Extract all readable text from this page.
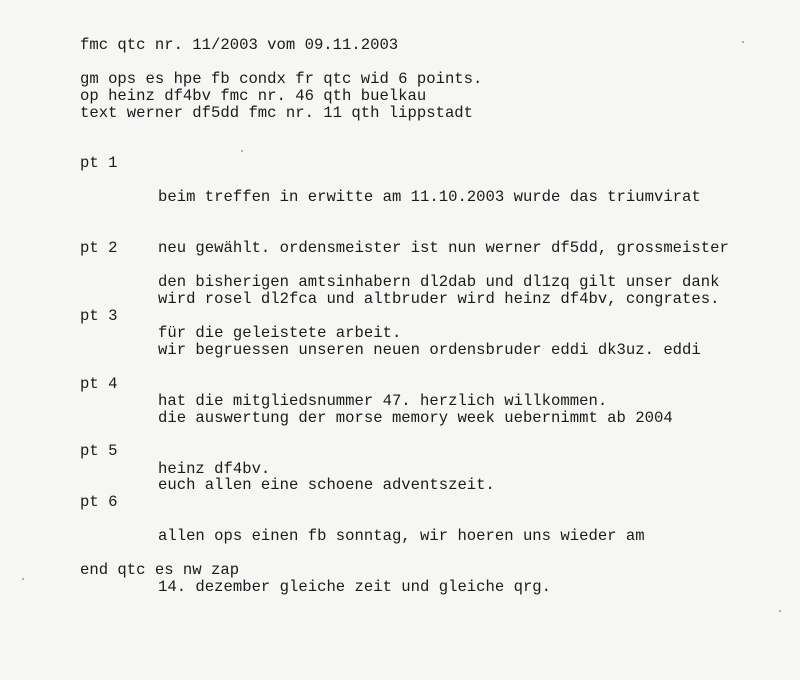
fmc qtc nr. 11/2003 vom 09.11.2003
gm ops es hpe fb condx fr qtc wid 6 points.
op heinz df4bv fmc nr. 46 qth buelkau
text werner df5dd fmc nr. 11 qth lippstadt

pt 1

beim treffen in erwitte am 11.10.2003 wurde das triumvirat

neu gewählt. ordensmeister ist nun werner df5dd, grossmeister

wird rosel dl2fca und altbruder wird heinz df4bv, congrates.

pt 2

den bisherigen amtsinhabern dl2dab und dl1zq gilt unser dank

für die geleistete arbeit.

pt 3

wir begruessen unseren neuen ordensbruder eddi dk3uz. eddi

hat die mitgliedsnummer 47. herzlich willkommen.

pt 4

die auswertung der morse memory week uebernimmt ab 2004

heinz df4bv.

pt 5

euch allen eine schoene adventszeit.

pt 6

allen ops einen fb sonntag, wir hoeren uns wieder am

14. dezember gleiche zeit und gleiche qrg.

end qtc es nw zap
